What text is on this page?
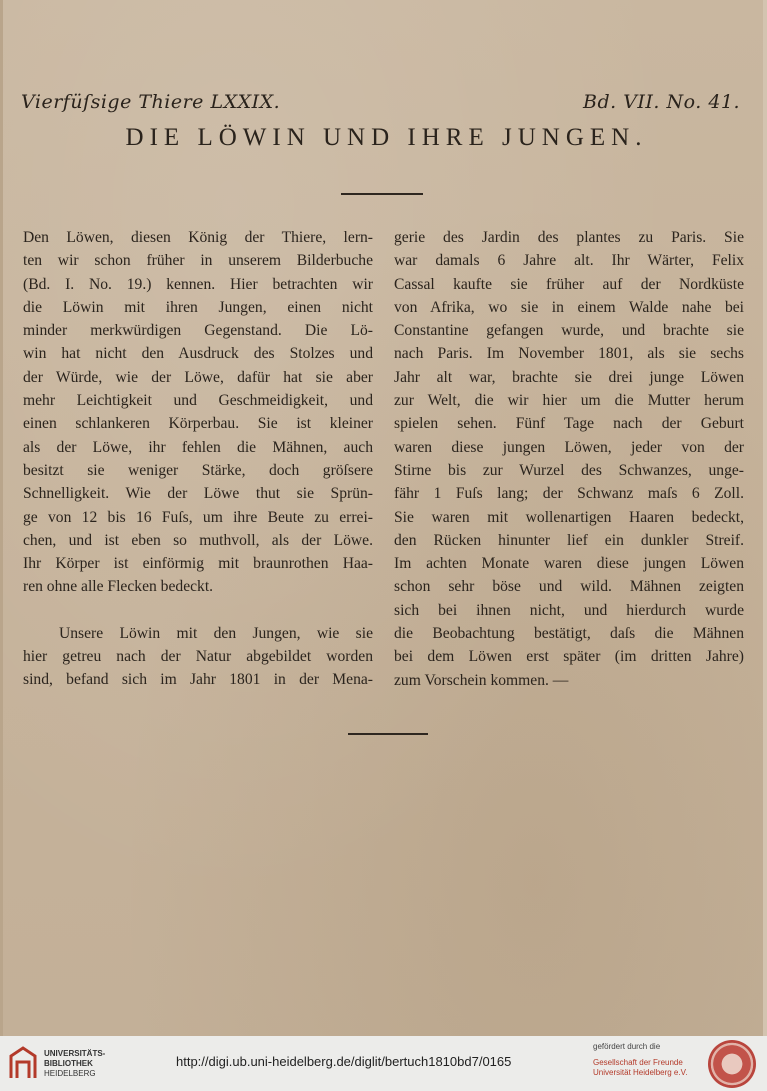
Vierfüſsige Thiere LXXIX.	Bd. VII. No. 41.
DIE LÖWIN UND IHRE JUNGEN.
Den Löwen, diesen König der Thiere, lern-
ten wir schon früher in unserem Bilderbuche
(Bd. I. No. 19.) kennen. Hier betrachten wir
die Löwin mit ihren Jungen, einen nicht
minder merkwürdigen Gegenstand. Die Lö-
win hat nicht den Ausdruck des Stolzes und
der Würde, wie der Löwe, dafür hat sie aber
mehr Leichtigkeit und Geschmeidigkeit, und
einen schlankeren Körperbau. Sie ist kleiner
als der Löwe, ihr fehlen die Mähnen, auch
besitzt sie weniger Stärke, doch gröſsere
Schnelligkeit. Wie der Löwe thut sie Sprün-
ge von 12 bis 16 Fuſs, um ihre Beute zu errei-
chen, und ist eben so muthvoll, als der Löwe.
Ihr Körper ist einförmig mit braunrothen Haa-
ren ohne alle Flecken bedeckt.
Unsere Löwin mit den Jungen, wie sie
hier getreu nach der Natur abgebildet worden
sind, befand sich im Jahr 1801 in der Mena-
gerie des Jardin des plantes zu Paris. Sie
war damals 6 Jahre alt. Ihr Wärter, Felix
Cassal kaufte sie früher auf der Nordküste
von Afrika, wo sie in einem Walde nahe bei
Constantine gefangen wurde, und brachte sie
nach Paris. Im November 1801, als sie sechs
Jahr alt war, brachte sie drei junge Löwen
zur Welt, die wir hier um die Mutter herum
spielen sehen. Fünf Tage nach der Geburt
waren diese jungen Löwen, jeder von der
Stirne bis zur Wurzel des Schwanzes, unge-
fähr 1 Fuſs lang; der Schwanz maſs 6 Zoll.
Sie waren mit wollenartigen Haaren bedeckt,
den Rücken hinunter lief ein dunkler Streif.
Im achten Monate waren diese jungen Löwen
schon sehr böse und wild. Mähnen zeigten
sich bei ihnen nicht, und hierdurch wurde
die Beobachtung bestätigt, daſs die Mähnen
bei dem Löwen erst später (im dritten Jahre)
zum Vorschein kommen. —
UNIVERSITÄTS-
BIBLIOTHEK
HEIDELBERG
http://digi.ub.uni-heidelberg.de/diglit/bertuch1810bd7/0165
gefördert durch die
Gesellschaft der Freunde
Universität Heidelberg e.V.
